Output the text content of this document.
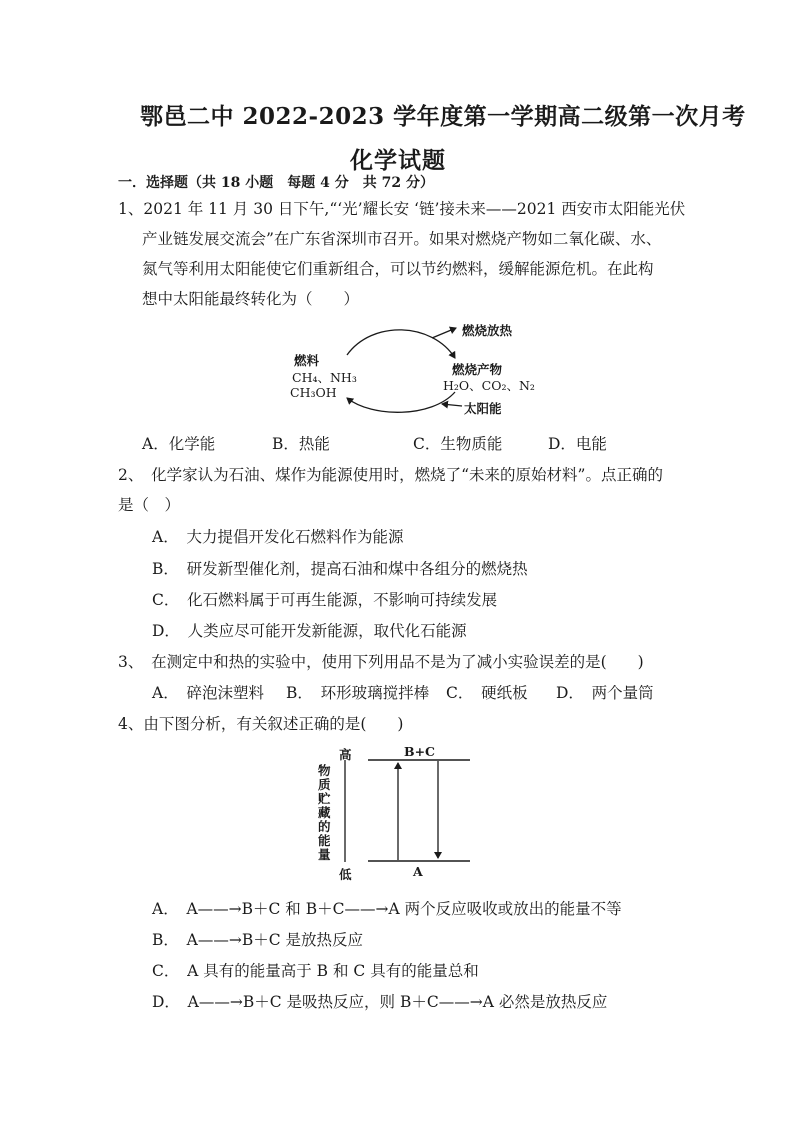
鄂邑二中 2022-2023 学年度第一学期高二级第一次月考
化学试题
一．选择题（共 18 小题　每题 4 分　共 72 分）
1、2021 年 11 月 30 日下午,“‘光’耀长安 ‘链’接未来——2021 西安市太阳能光伏
产业链发展交流会”在广东省深圳市召开。如果对燃烧产物如二氧化碳、水、
氮气等利用太阳能使它们重新组合，可以节约燃料，缓解能源危机。在此构
想中太阳能最终转化为（　　）
燃料
CH₄、NH₃
CH₃OH
燃烧放热
燃烧产物
H₂O、CO₂、N₂
太阳能
A．化学能	B．热能	C．生物质能	D．电能
2、　化学家认为石油、煤作为能源使用时，燃烧了“未来的原始材料”。点正确的
是（　）
A．　大力提倡开发化石燃料作为能源
B．　研发新型催化剂，提高石油和煤中各组分的燃烧热
C．　化石燃料属于可再生能源，不影响可持续发展
D．　人类应尽可能开发新能源，取代化石能源
3、　在测定中和热的实验中，使用下列用品不是为了减小实验误差的是(　　)
A．　碎泡沫塑料 B．　环形玻璃搅拌棒 C．　硬纸板 D．　两个量筒
4、由下图分析，有关叙述正确的是(　　)
高
低
物质贮藏的能量
B+C
A
A．　A——→B＋C 和 B＋C——→A 两个反应吸收或放出的能量不等
B．　A——→B＋C 是放热反应
C．　A 具有的能量高于 B 和 C 具有的能量总和
D．　A——→B＋C 是吸热反应，则 B＋C——→A 必然是放热反应
